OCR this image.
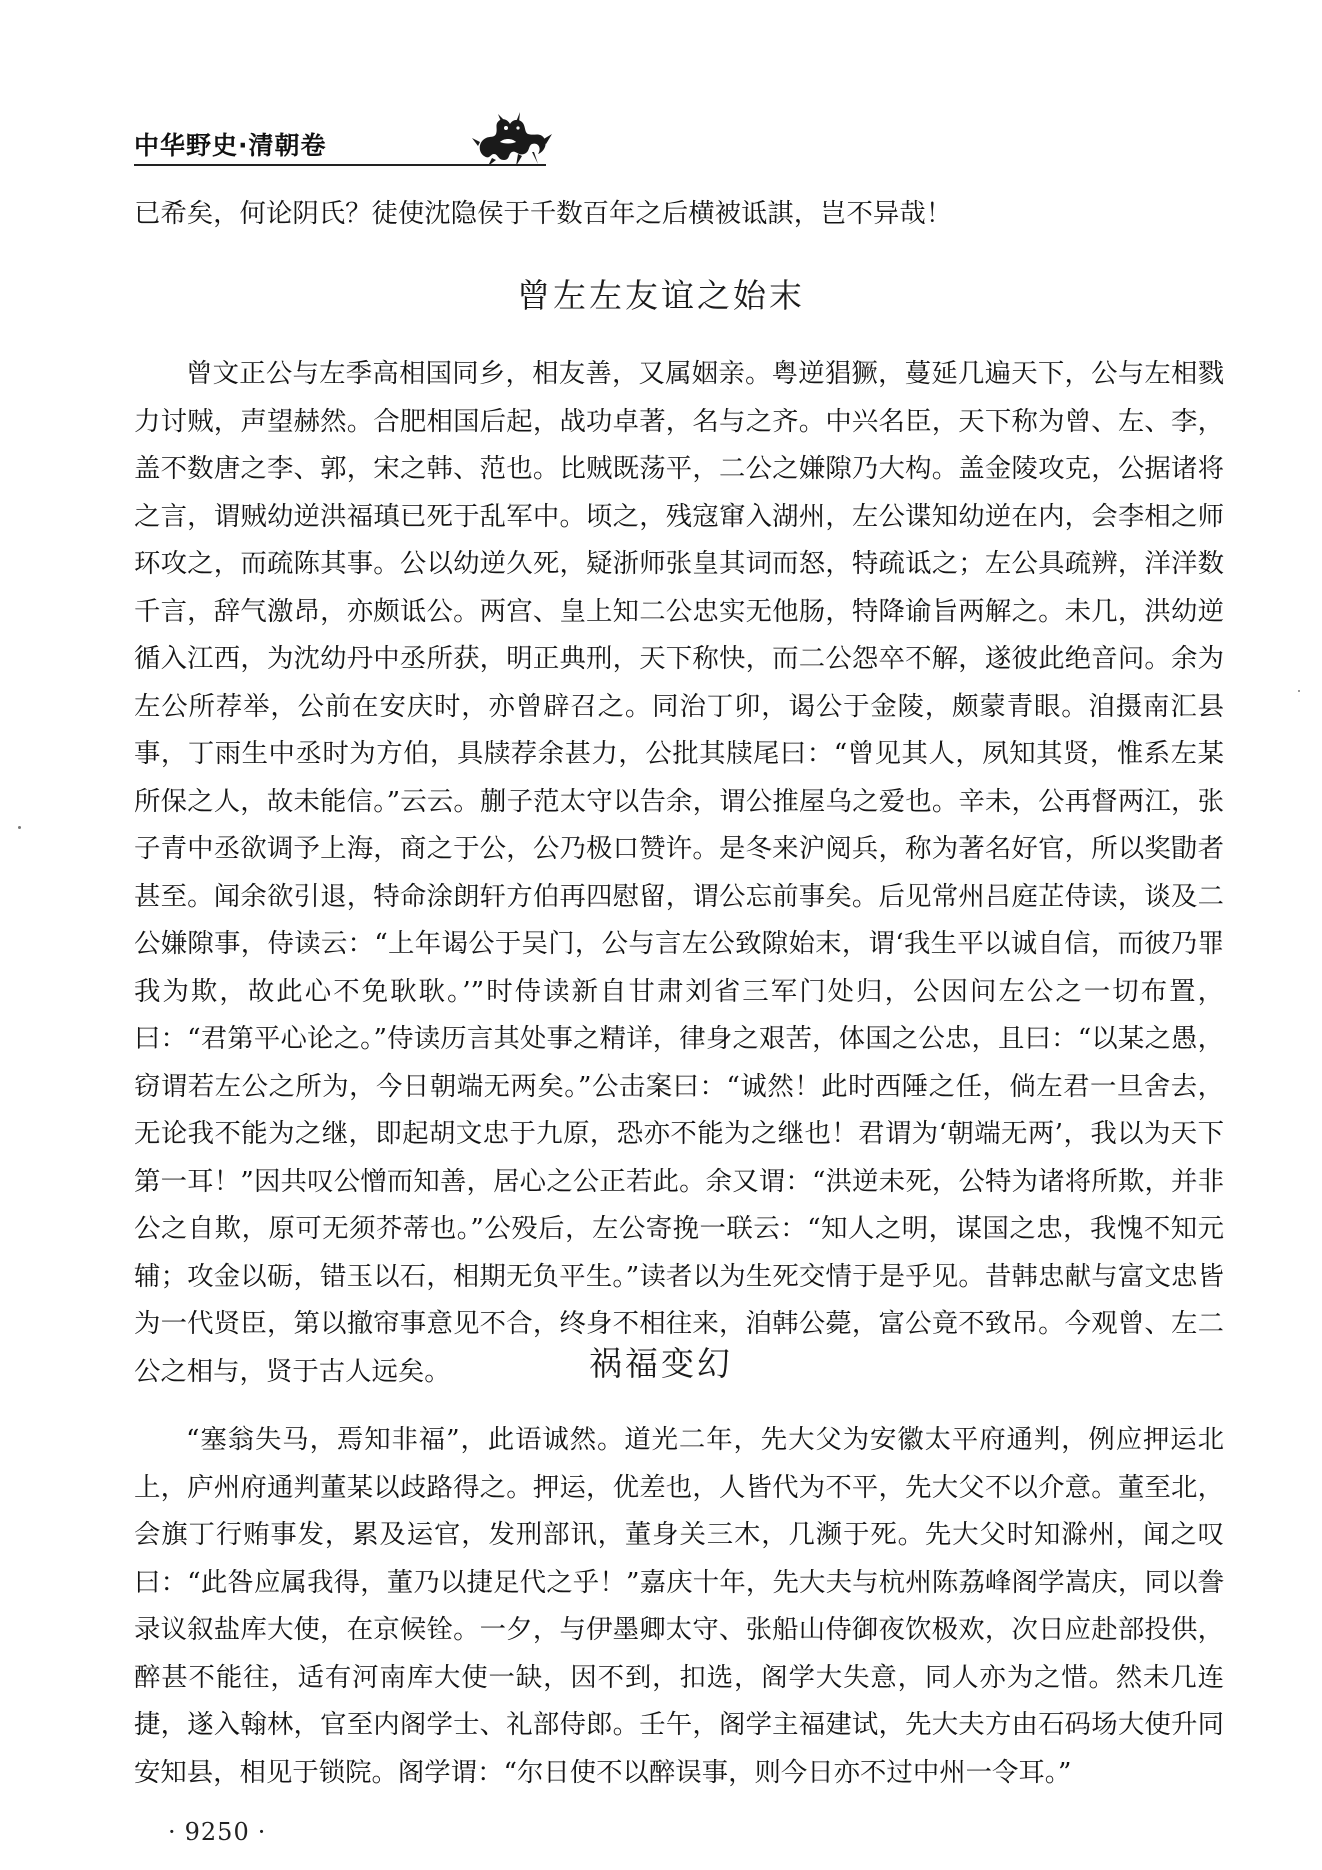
中华野史·清朝卷

已希矣，何论阴氏？徒使沈隐侯于千数百年之后横被诋諆，岂不异哉！

曾左左友谊之始末

曾文正公与左季高相国同乡，相友善，又属姻亲。粤逆猖獗，蔓延几遍天下，公与左相戮力讨贼，声望赫然。合肥相国后起，战功卓著，名与之齐。中兴名臣，天下称为曾、左、李，盖不数唐之李、郭，宋之韩、范也。比贼既荡平，二公之嫌隙乃大构。盖金陵攻克，公据诸将之言，谓贼幼逆洪福瑱已死于乱军中。顷之，残寇窜入湖州，左公谍知幼逆在内，会李相之师环攻之，而疏陈其事。公以幼逆久死，疑浙师张皇其词而怒，特疏诋之；左公具疏辨，洋洋数千言，辞气激昂，亦颇诋公。两宫、皇上知二公忠实无他肠，特降谕旨两解之。未几，洪幼逆循入江西，为沈幼丹中丞所获，明正典刑，天下称快，而二公怨卒不解，遂彼此绝音问。余为左公所荐举，公前在安庆时，亦曾辟召之。同治丁卯，谒公于金陵，颇蒙青眼。洎摄南汇县事，丁雨生中丞时为方伯，具牍荐余甚力，公批其牍尾曰：“曾见其人，夙知其贤，惟系左某所保之人，故未能信。”云云。蒯子范太守以告余，谓公推屋乌之爱也。辛未，公再督两江，张子青中丞欲调予上海，商之于公，公乃极口赞许。是冬来沪阅兵，称为著名好官，所以奖勖者甚至。闻余欲引退，特命涂朗轩方伯再四慰留，谓公忘前事矣。后见常州吕庭芷侍读，谈及二公嫌隙事，侍读云：“上年谒公于吴门，公与言左公致隙始末，谓‘我生平以诚自信，而彼乃罪我为欺，故此心不免耿耿。’”时侍读新自甘肃刘省三军门处归，公因问左公之一切布置，曰：“君第平心论之。”侍读历言其处事之精详，律身之艰苦，体国之公忠，且曰：“以某之愚，窃谓若左公之所为，今日朝端无两矣。”公击案曰：“诚然！此时西陲之任，倘左君一旦舍去，无论我不能为之继，即起胡文忠于九原，恐亦不能为之继也！君谓为‘朝端无两’，我以为天下第一耳！”因共叹公憎而知善，居心之公正若此。余又谓：“洪逆未死，公特为诸将所欺，并非公之自欺，原可无须芥蒂也。”公殁后，左公寄挽一联云：“知人之明，谋国之忠，我愧不知元辅；攻金以砺，错玉以石，相期无负平生。”读者以为生死交情于是乎见。昔韩忠献与富文忠皆为一代贤臣，第以撤帘事意见不合，终身不相往来，洎韩公薨，富公竟不致吊。今观曾、左二公之相与，贤于古人远矣。	祸福变幻

“塞翁失马，焉知非福”，此语诚然。道光二年，先大父为安徽太平府通判，例应押运北上，庐州府通判董某以歧路得之。押运，优差也，人皆代为不平，先大父不以介意。董至北，会旗丁行贿事发，累及运官，发刑部讯，董身关三木，几濒于死。先大父时知滁州，闻之叹曰：“此咎应属我得，董乃以捷足代之乎！”嘉庆十年，先大夫与杭州陈荔峰阁学嵩庆，同以誊录议叙盐库大使，在京候铨。一夕，与伊墨卿太守、张船山侍御夜饮极欢，次日应赴部投供，醉甚不能往，适有河南库大使一缺，因不到，扣选，阁学大失意，同人亦为之惜。然未几连捷，遂入翰林，官至内阁学士、礼部侍郎。壬午，阁学主福建试，先大夫方由石码场大使升同安知县，相见于锁院。阁学谓：“尔日使不以醉误事，则今日亦不过中州一令耳。”

· 9250 ·
